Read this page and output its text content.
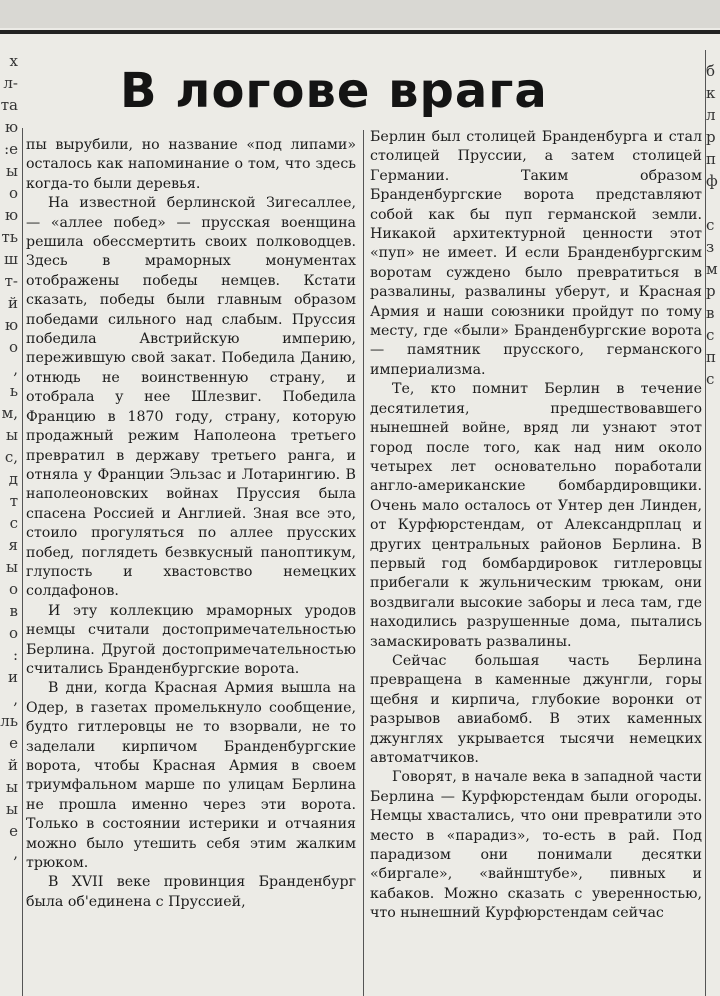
х
л-
та
ю
:е
ы
о
ю
ть
ш
т-
й
ю
о
,
ь
м,
ы
с,
д
т
с
я
ы
о
в
о
:
и
,
ль
е
й
ы
ы
е
,
б
к
л
р
п
ф

с
з
м
р
в
с
п
с
В логове врага

пы вырубили, но название «под липами» осталось как напоминание о том, что здесь когда-то были деревья.

На известной берлинской Зигесаллее, — «аллее побед» — прусская военщина решила обессмертить своих полководцев. Здесь в мраморных монументах отображены победы немцев. Кстати сказать, победы были главным образом победами сильного над слабым. Пруссия победила Австрийскую империю, пережившую свой закат. Победила Данию, отнюдь не воинственную страну, и отобрала у нее Шлезвиг. Победила Францию в 1870 году, страну, которую продажный режим Наполеона третьего превратил в державу третьего ранга, и отняла у Франции Эльзас и Лотарингию. В наполеоновских войнах Пруссия была спасена Россией и Англией. Зная все это, стоило прогуляться по аллее прусских побед, поглядеть безвкусный паноптикум, глупость и хвастовство немецких солдафонов.

И эту коллекцию мраморных уродов немцы считали достопримечательностью Берлина. Другой достопримечательностью считались Бранденбургские ворота.

В дни, когда Красная Армия вышла на Одер, в газетах промелькнуло сообщение, будто гитлеровцы не то взорвали, не то заделали кирпичом Бранденбургские ворота, чтобы Красная Армия в своем триумфальном марше по улицам Берлина не прошла именно через эти ворота. Только в состоянии истерики и отчаяния можно было утешить себя этим жалким трюком.

В XVII веке провинция Бранденбург была об'единена с Пруссией,

Берлин был столицей Бранденбурга и стал столицей Пруссии, а затем столицей Германии. Таким образом Бранденбургские ворота представляют собой как бы пуп германской земли. Никакой архитектурной ценности этот «пуп» не имеет. И если Бранденбургским воротам суждено было превратиться в развалины, развалины уберут, и Красная Армия и наши союзники пройдут по тому месту, где «были» Бранденбургские ворота — памятник прусского, германского империализма.

Те, кто помнит Берлин в течение десятилетия, предшествовавшего нынешней войне, вряд ли узнают этот город после того, как над ним около четырех лет основательно поработали англо-американские бомбардировщики. Очень мало осталось от Унтер ден Линден, от Курфюрстендам, от Александрплац и других центральных районов Берлина. В первый год бомбардировок гитлеровцы прибегали к жульническим трюкам, они воздвигали высокие заборы и леса там, где находились разрушенные дома, пытались замаскировать развалины.

Сейчас большая часть Берлина превращена в каменные джунгли, горы щебня и кирпича, глубокие воронки от разрывов авиабомб. В этих каменных джунглях укрывается тысячи немецких автоматчиков.

Говорят, в начале века в западной части Берлина — Курфюрстендам были огороды. Немцы хвастались, что они превратили это место в «парадиз», то-есть в рай. Под парадизом они понимали десятки «биргале», «вайнштубе», пивных и кабаков. Можно сказать с уверенностью, что нынешний Курфюрстендам сейчас
